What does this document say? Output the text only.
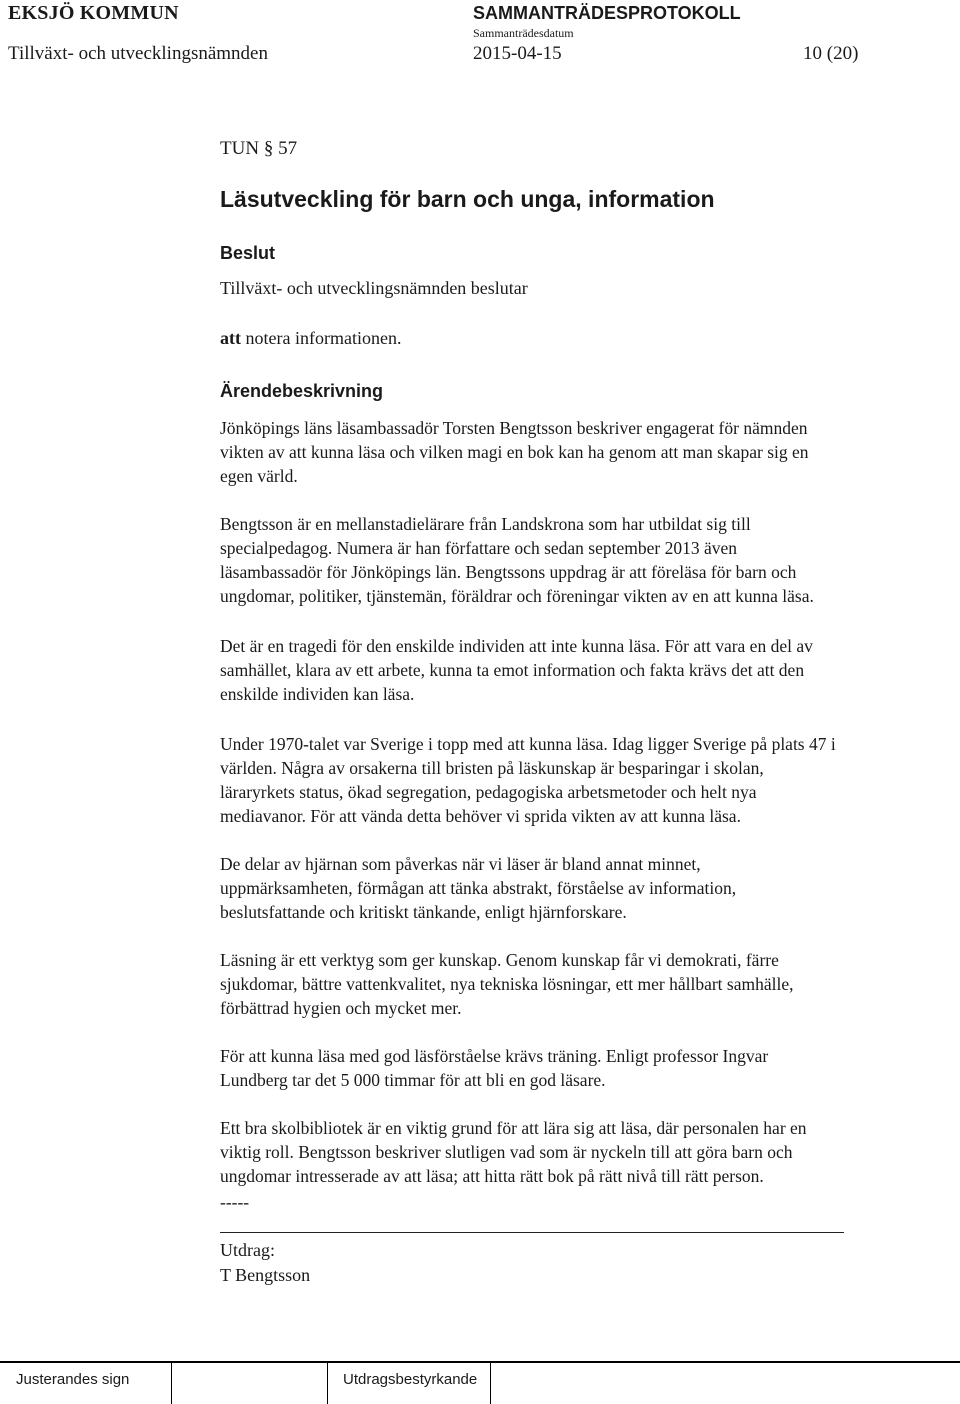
EKSJÖ KOMMUN	SAMMANTRÄDESPROTOKOLL
Sammanträdesdatum
Tillväxt- och utvecklingsnämnden	2015-04-15	10 (20)
TUN § 57
Läsutveckling för barn och unga, information
Beslut
Tillväxt- och utvecklingsnämnden beslutar
att notera informationen.
Ärendebeskrivning
Jönköpings läns läsambassadör Torsten Bengtsson beskriver engagerat för nämnden
vikten av att kunna läsa och vilken magi en bok kan ha genom att man skapar sig en
egen värld.
Bengtsson är en mellanstadielärare från Landskrona som har utbildat sig till
specialpedagog. Numera är han författare och sedan september 2013 även
läsambassadör för Jönköpings län. Bengtssons uppdrag är att föreläsa för barn och
ungdomar, politiker, tjänstemän, föräldrar och föreningar vikten av en att kunna läsa.
Det är en tragedi för den enskilde individen att inte kunna läsa. För att vara en del av
samhället, klara av ett arbete, kunna ta emot information och fakta krävs det att den
enskilde individen kan läsa.
Under 1970-talet var Sverige i topp med att kunna läsa. Idag ligger Sverige på plats 47 i
världen. Några av orsakerna till bristen på läskunskap är besparingar i skolan,
läraryrkets status, ökad segregation, pedagogiska arbetsmetoder och helt nya
mediavanor. För att vända detta behöver vi sprida vikten av att kunna läsa.
De delar av hjärnan som påverkas när vi läser är bland annat minnet,
uppmärksamheten, förmågan att tänka abstrakt, förståelse av information,
beslutsfattande och kritiskt tänkande, enligt hjärnforskare.
Läsning är ett verktyg som ger kunskap. Genom kunskap får vi demokrati, färre
sjukdomar, bättre vattenkvalitet, nya tekniska lösningar, ett mer hållbart samhälle,
förbättrad hygien och mycket mer.
För att kunna läsa med god läsförståelse krävs träning. Enligt professor Ingvar
Lundberg tar det 5 000 timmar för att bli en god läsare.
Ett bra skolbibliotek är en viktig grund för att lära sig att läsa, där personalen har en
viktig roll. Bengtsson beskriver slutligen vad som är nyckeln till att göra barn och
ungdomar intresserade av att läsa; att hitta rätt bok på rätt nivå till rätt person.
-----
Utdrag:
T Bengtsson
Justerandes sign	Utdragsbestyrkande
